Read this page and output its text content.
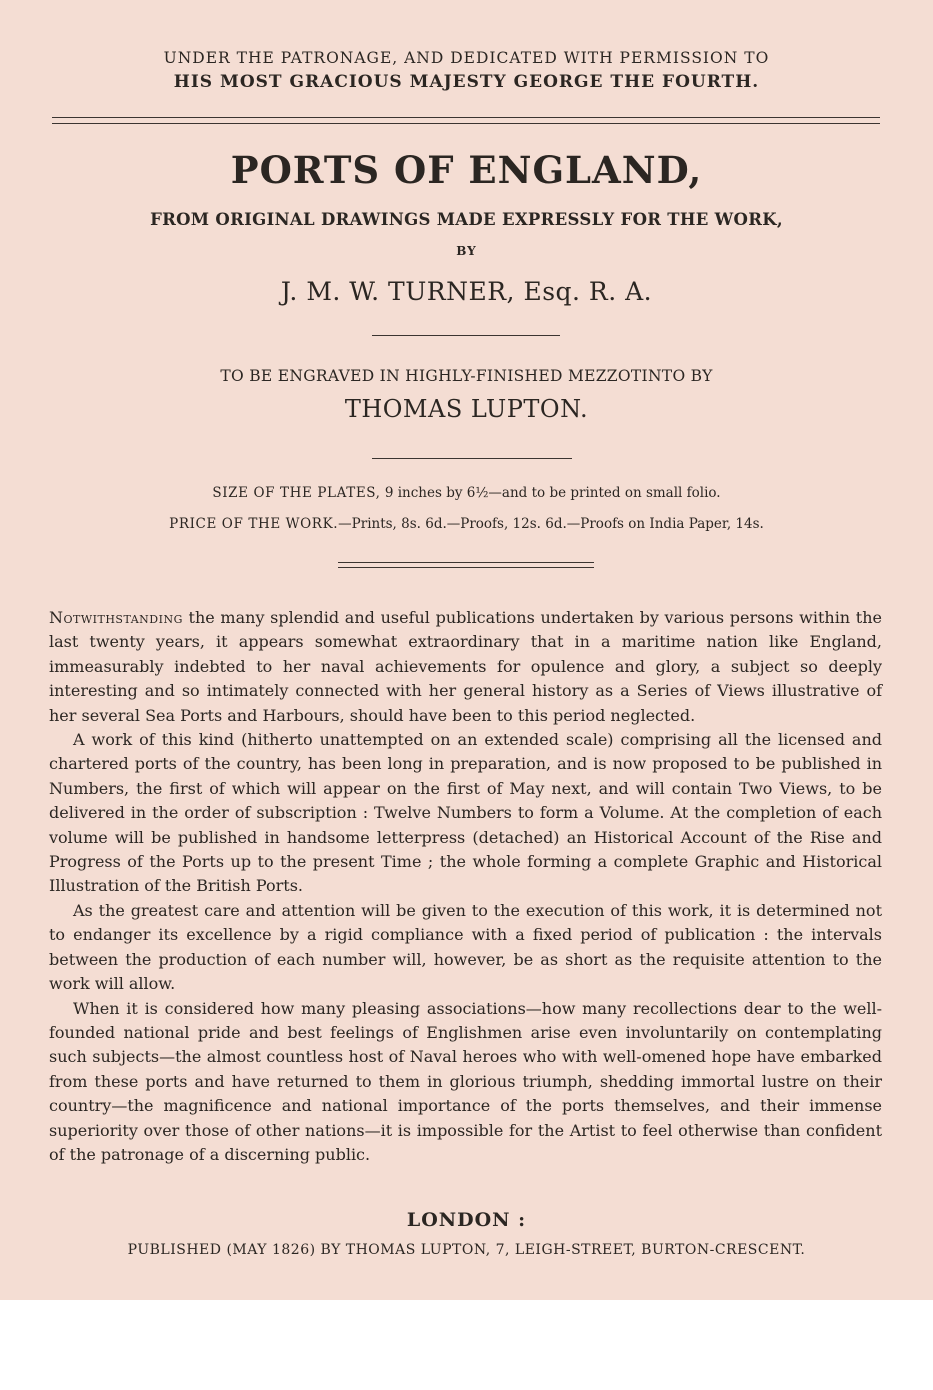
UNDER THE PATRONAGE, AND DEDICATED WITH PERMISSION TO
HIS MOST GRACIOUS MAJESTY GEORGE THE FOURTH.
PORTS OF ENGLAND,
FROM ORIGINAL DRAWINGS MADE EXPRESSLY FOR THE WORK,
BY
J. M. W. TURNER, Esq. R. A.
TO BE ENGRAVED IN HIGHLY-FINISHED MEZZOTINTO BY
THOMAS LUPTON.
SIZE OF THE PLATES, 9 inches by 6½—and to be printed on small folio.
PRICE OF THE WORK.—Prints, 8s. 6d.—Proofs, 12s. 6d.—Proofs on India Paper, 14s.

Notwithstanding the many splendid and useful publications undertaken by various persons within the last twenty years, it appears somewhat extraordinary that in a maritime nation like England, immeasurably indebted to her naval achievements for opulence and glory, a subject so deeply interesting and so intimately connected with her general history as a Series of Views illustrative of her several Sea Ports and Harbours, should have been to this period neglected.

A work of this kind (hitherto unattempted on an extended scale) comprising all the licensed and chartered ports of the country, has been long in preparation, and is now proposed to be published in Numbers, the first of which will appear on the first of May next, and will contain Two Views, to be delivered in the order of subscription : Twelve Numbers to form a Volume. At the completion of each volume will be published in handsome letterpress (detached) an Historical Account of the Rise and Progress of the Ports up to the present Time ; the whole forming a complete Graphic and Historical Illustration of the British Ports.

As the greatest care and attention will be given to the execution of this work, it is determined not to endanger its excellence by a rigid compliance with a fixed period of publication : the intervals between the production of each number will, however, be as short as the requisite attention to the work will allow.

When it is considered how many pleasing associations—how many recollections dear to the well-founded national pride and best feelings of Englishmen arise even involuntarily on contemplating such subjects—the almost countless host of Naval heroes who with well-omened hope have embarked from these ports and have returned to them in glorious triumph, shedding immortal lustre on their country—the magnificence and national importance of the ports themselves, and their immense superiority over those of other nations—it is impossible for the Artist to feel otherwise than confident of the patronage of a discerning public.

LONDON :
PUBLISHED (MAY 1826) BY THOMAS LUPTON, 7, LEIGH-STREET, BURTON-CRESCENT.
